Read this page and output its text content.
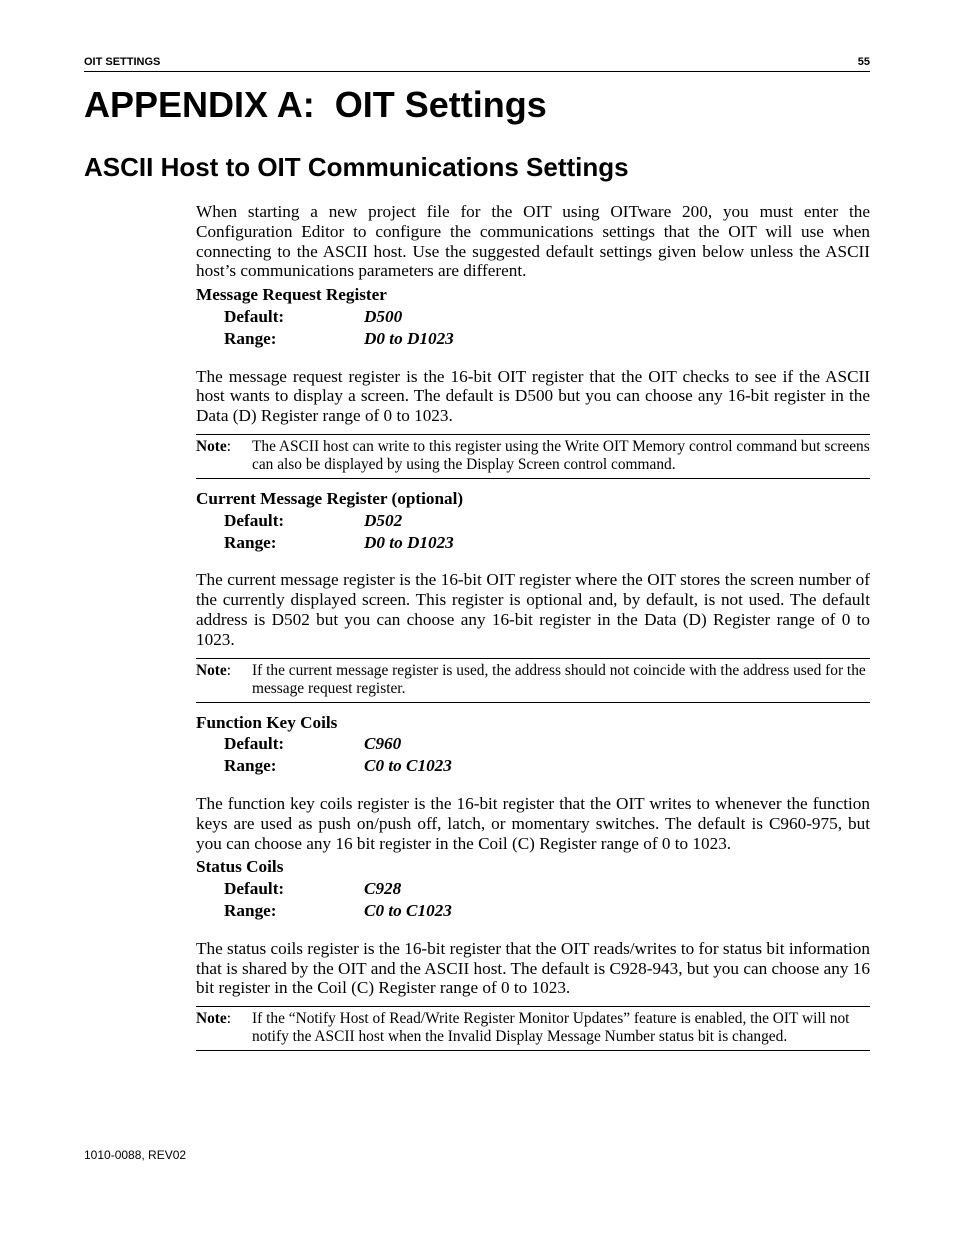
OIT SETTINGS	55
APPENDIX A:  OIT Settings
ASCII Host to OIT Communications Settings

When starting a new project file for the OIT using OITware 200, you must enter the Configuration Editor to configure the communications settings that the OIT will use when connecting to the ASCII host. Use the suggested default settings given below unless the ASCII host’s communications parameters are different.

Message Request Register
Default:	D500
Range:	D0 to D1023

The message request register is the 16-bit OIT register that the OIT checks to see if the ASCII host wants to display a screen. The default is D500 but you can choose any 16-bit register in the Data (D) Register range of 0 to 1023.

Note:	The ASCII host can write to this register using the Write OIT Memory control command but screens can also be displayed by using the Display Screen control command.
Current Message Register (optional)
Default:	D502
Range:	D0 to D1023

The current message register is the 16-bit OIT register where the OIT stores the screen number of the currently displayed screen. This register is optional and, by default, is not used. The default address is D502 but you can choose any 16-bit register in the Data (D) Register range of 0 to 1023.

Note:	If the current message register is used, the address should not coincide with the address used for the message request register.
Function Key Coils
Default:	C960
Range:	C0 to C1023

The function key coils register is the 16-bit register that the OIT writes to whenever the function keys are used as push on/push off, latch, or momentary switches. The default is C960-975, but you can choose any 16 bit register in the Coil (C) Register range of 0 to 1023.

Status Coils
Default:	C928
Range:	C0 to C1023

The status coils register is the 16-bit register that the OIT reads/writes to for status bit information that is shared by the OIT and the ASCII host. The default is C928-943, but you can choose any 16 bit register in the Coil (C) Register range of 0 to 1023.

Note:	If the “Notify Host of Read/Write Register Monitor Updates” feature is enabled, the OIT will not notify the ASCII host when the Invalid Display Message Number status bit is changed.
1010-0088, REV02
